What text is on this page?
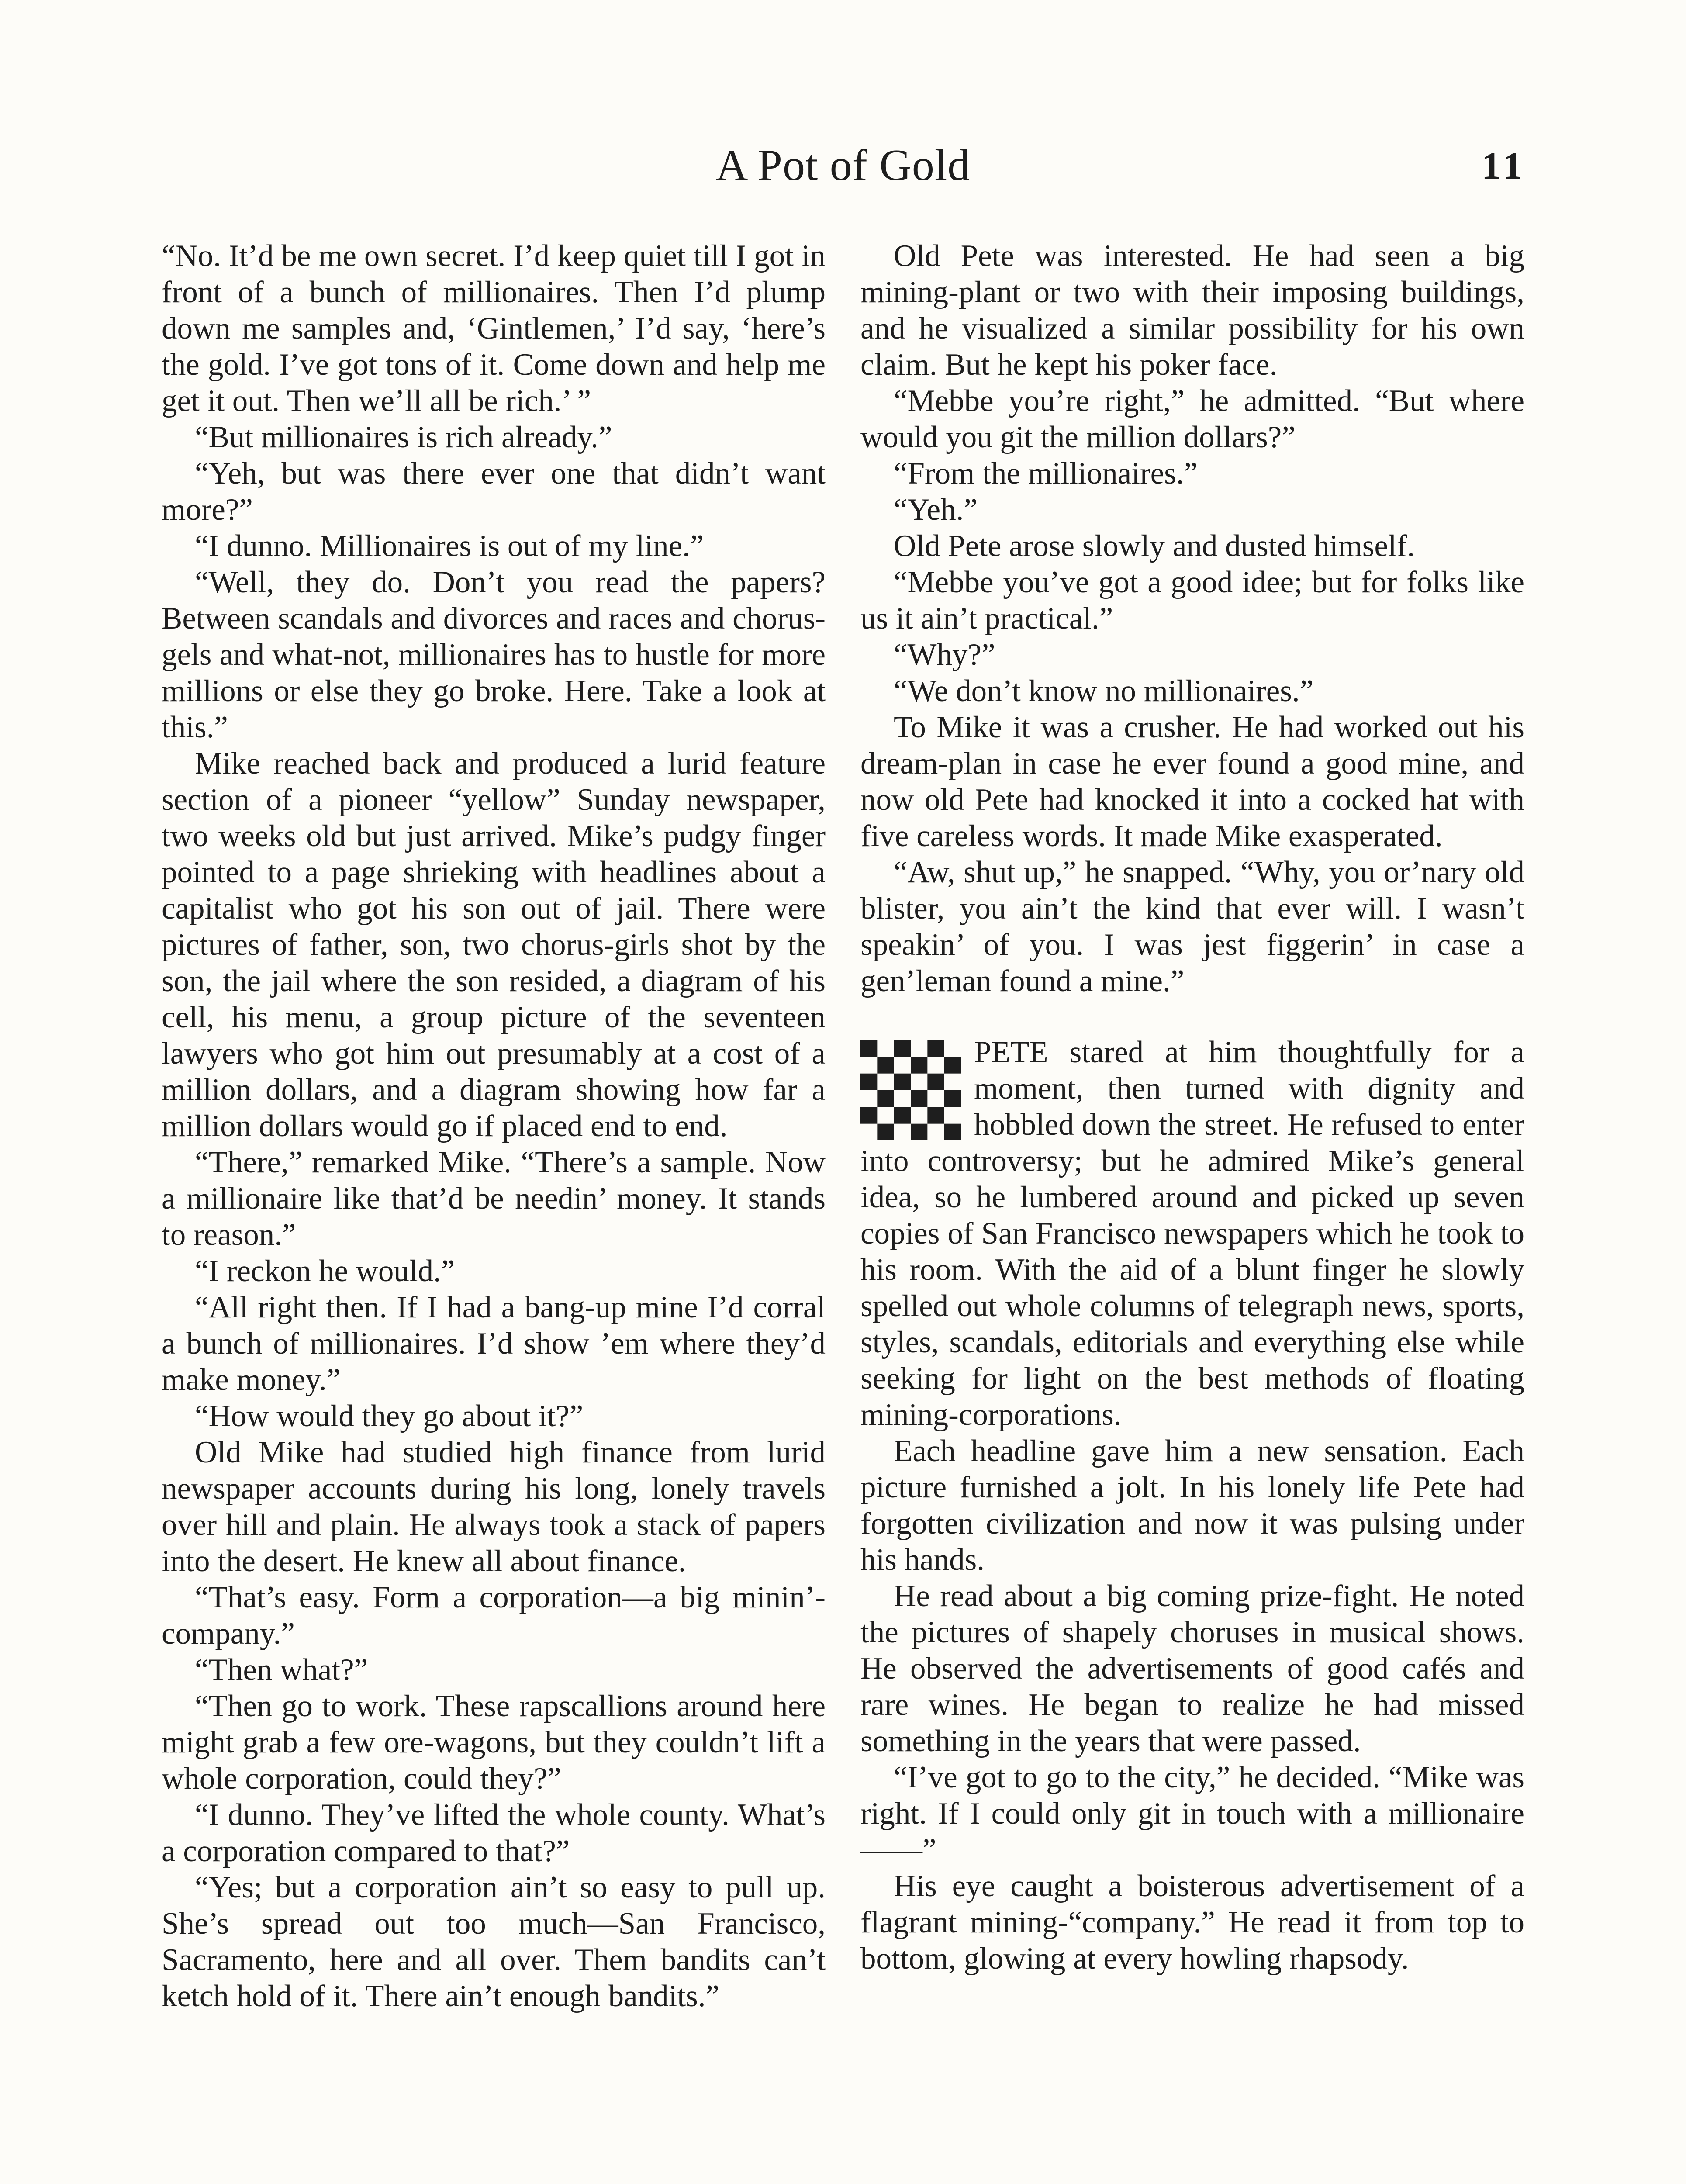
A Pot of Gold	11

“No. It’d be me own secret. I’d keep quiet till I got in front of a bunch of millionaires. Then I’d plump down me samples and, ‘Gintlemen,’ I’d say, ‘here’s the gold. I’ve got tons of it. Come down and help me get it out. Then we’ll all be rich.’ ”

“But millionaires is rich already.”

“Yeh, but was there ever one that didn’t want more?”

“I dunno. Millionaires is out of my line.”

“Well, they do. Don’t you read the papers? Between scandals and divorces and races and chorus-gels and what-not, millionaires has to hustle for more millions or else they go broke. Here. Take a look at this.”

Mike reached back and produced a lurid feature section of a pioneer “yellow” Sunday newspaper, two weeks old but just arrived. Mike’s pudgy finger pointed to a page shrieking with headlines about a capitalist who got his son out of jail. There were pictures of father, son, two chorus-girls shot by the son, the jail where the son resided, a diagram of his cell, his menu, a group picture of the seventeen lawyers who got him out presumably at a cost of a million dollars, and a diagram showing how far a million dollars would go if placed end to end.

“There,” remarked Mike. “There’s a sample. Now a millionaire like that’d be needin’ money. It stands to reason.”

“I reckon he would.”

“All right then. If I had a bang-up mine I’d corral a bunch of millionaires. I’d show ’em where they’d make money.”

“How would they go about it?”

Old Mike had studied high finance from lurid newspaper accounts during his long, lonely travels over hill and plain. He always took a stack of papers into the desert. He knew all about finance.

“That’s easy. Form a corporation—a big minin’-company.”

“Then what?”

“Then go to work. These rapscallions around here might grab a few ore-wagons, but they couldn’t lift a whole corporation, could they?”

“I dunno. They’ve lifted the whole county. What’s a corporation compared to that?”

“Yes; but a corporation ain’t so easy to pull up. She’s spread out too much—San Francisco, Sacramento, here and all over. Them bandits can’t ketch hold of it. There ain’t enough bandits.”

Old Pete was interested. He had seen a big mining-plant or two with their imposing buildings, and he visualized a similar possibility for his own claim. But he kept his poker face.

“Mebbe you’re right,” he admitted. “But where would you git the million dollars?”

“From the millionaires.”

“Yeh.”

Old Pete arose slowly and dusted himself.

“Mebbe you’ve got a good idee; but for folks like us it ain’t practical.”

“Why?”

“We don’t know no millionaires.”

To Mike it was a crusher. He had worked out his dream-plan in case he ever found a good mine, and now old Pete had knocked it into a cocked hat with five careless words. It made Mike exasperated.

“Aw, shut up,” he snapped. “Why, you or’nary old blister, you ain’t the kind that ever will. I wasn’t speakin’ of you. I was jest figgerin’ in case a gen’leman found a mine.”

PETE stared at him thoughtfully for a moment, then turned with dignity and hobbled down the street. He refused to enter into controversy; but he admired Mike’s general idea, so he lumbered around and picked up seven copies of San Francisco newspapers which he took to his room. With the aid of a blunt finger he slowly spelled out whole columns of telegraph news, sports, styles, scandals, editorials and everything else while seeking for light on the best methods of floating mining-corporations.

Each headline gave him a new sensation. Each picture furnished a jolt. In his lonely life Pete had forgotten civilization and now it was pulsing under his hands.

He read about a big coming prize-fight. He noted the pictures of shapely choruses in musical shows. He observed the advertisements of good cafés and rare wines. He began to realize he had missed something in the years that were passed.

“I’ve got to go to the city,” he decided. “Mike was right. If I could only git in touch with a millionaire——”

His eye caught a boisterous advertisement of a flagrant mining-“company.” He read it from top to bottom, glowing at every howling rhapsody.
